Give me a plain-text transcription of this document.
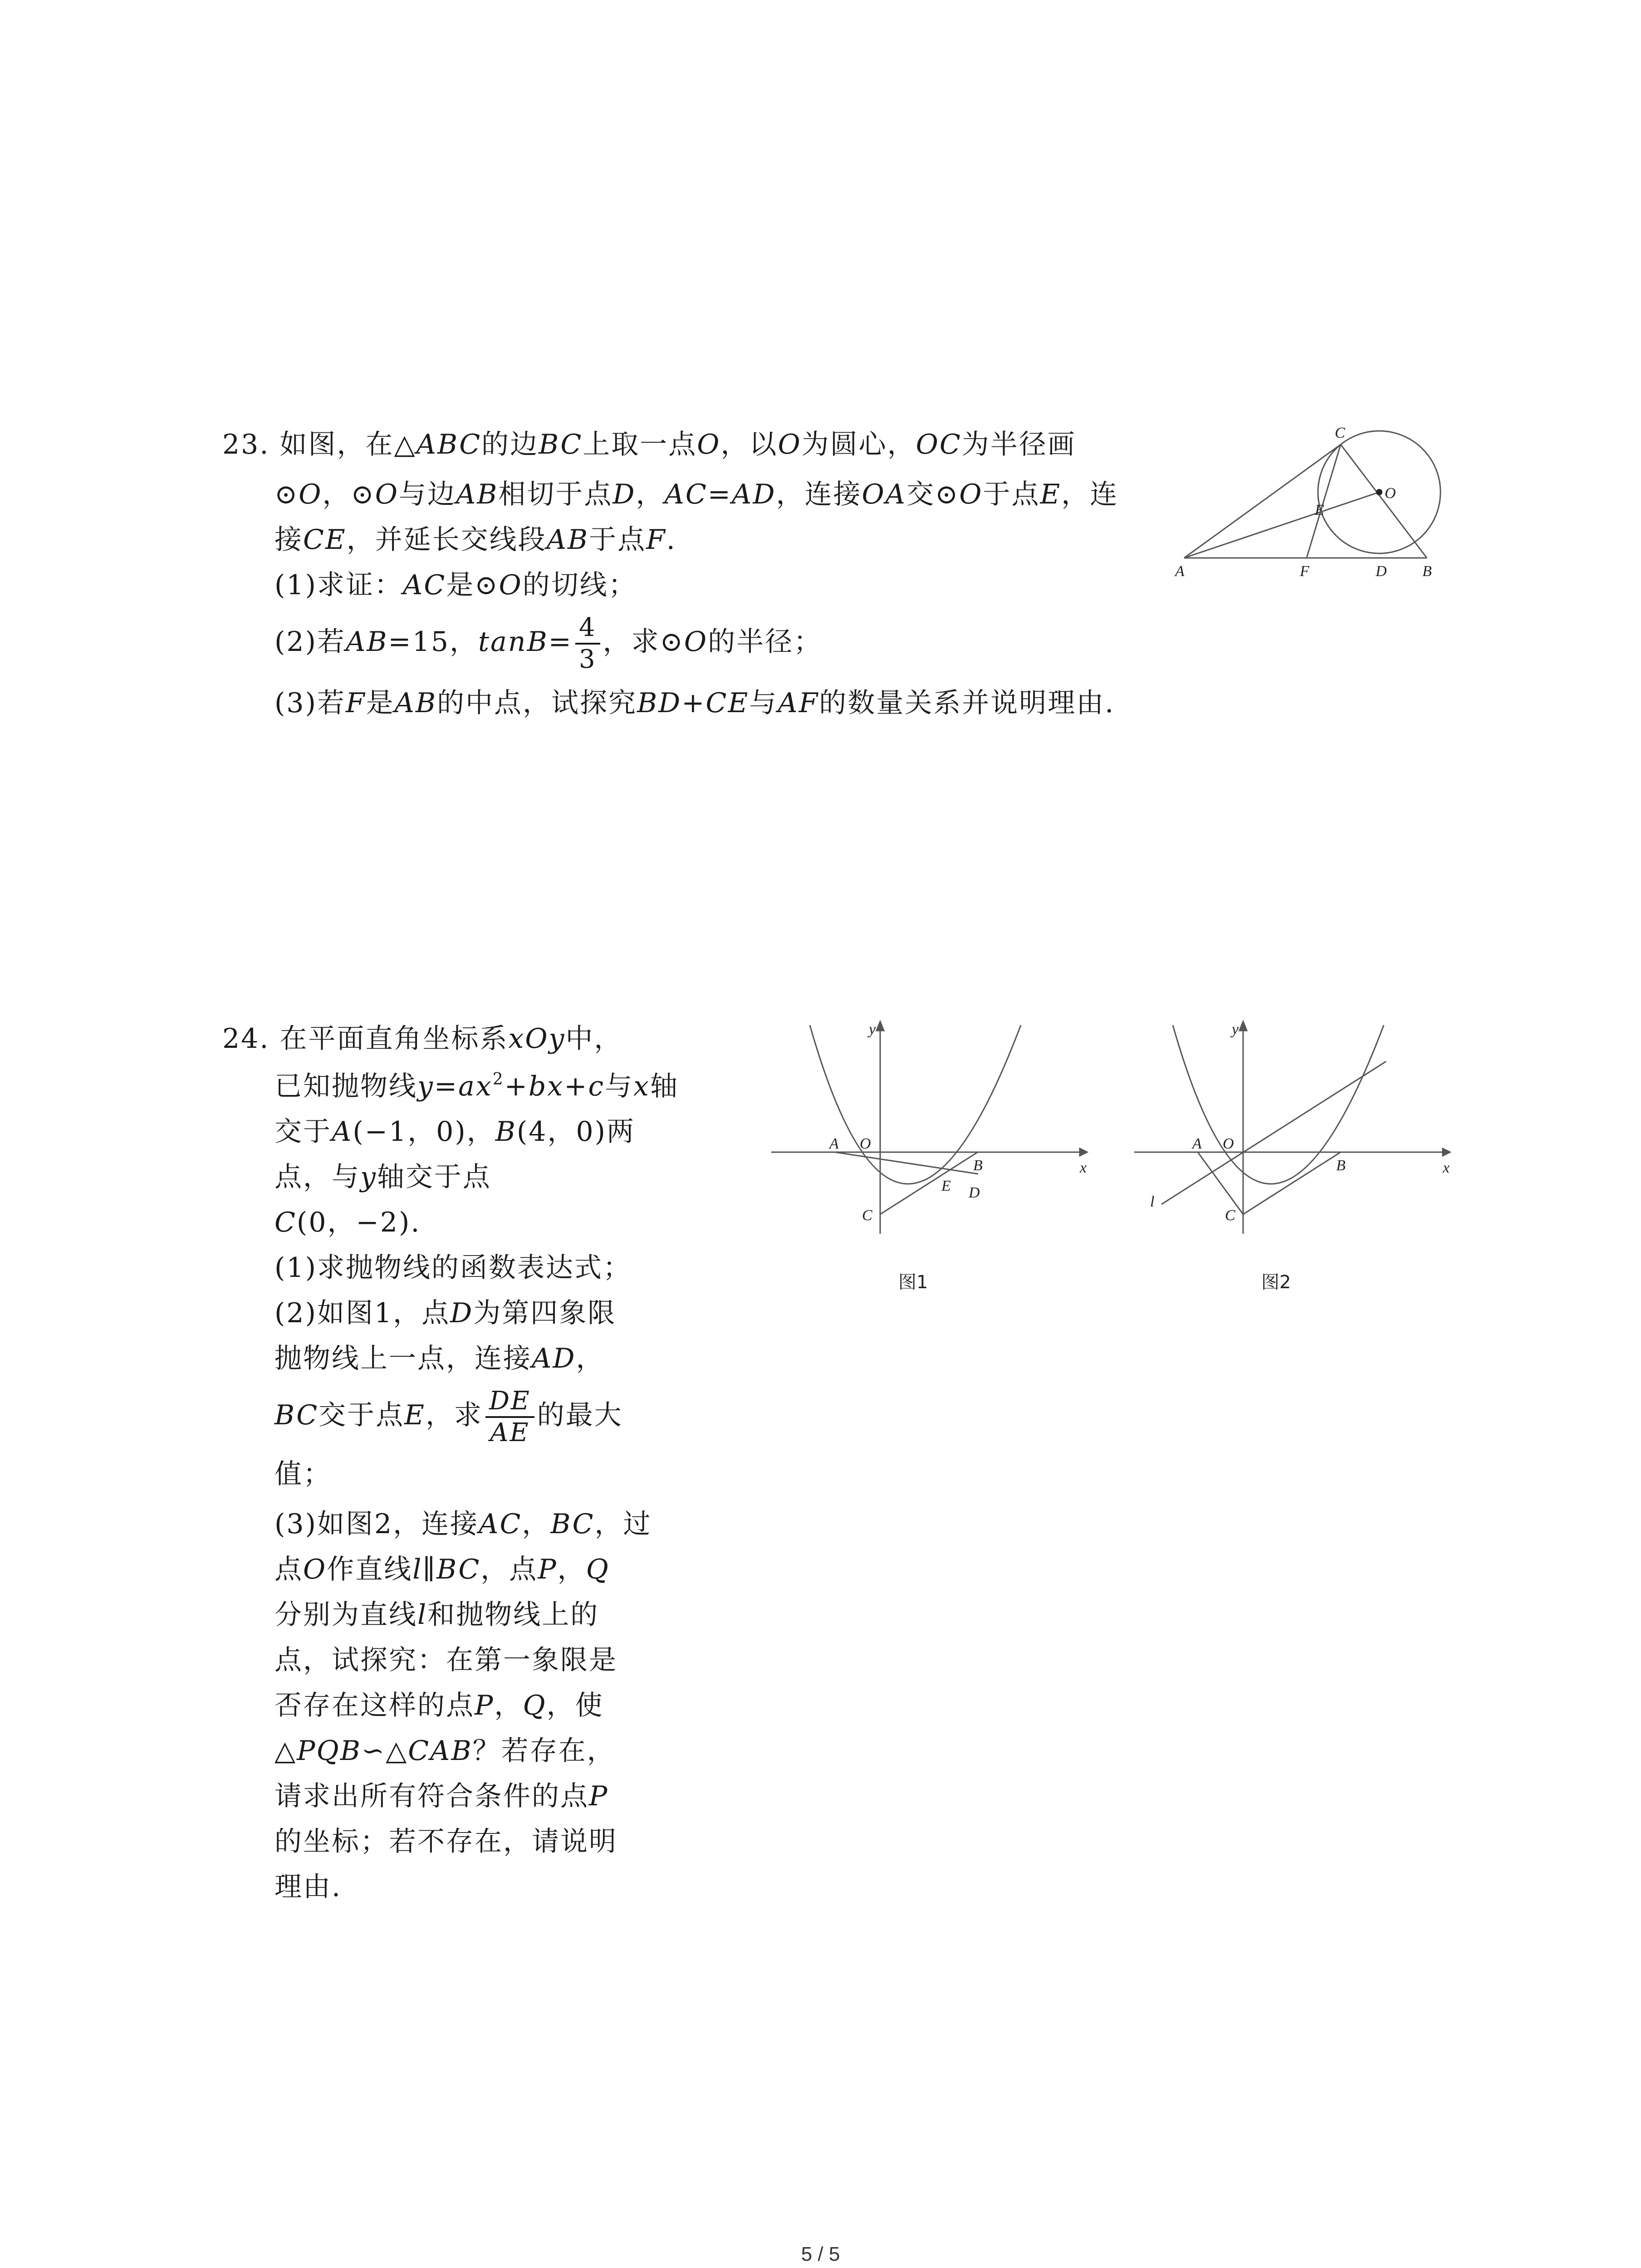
23. 如图，在△ABC的边BC上取一点O，以O为圆心，OC为半径画
⊙O，⊙O与边AB相切于点D，AC=AD，连接OA交⊙O于点E，连
接CE，并延长交线段AB于点F.
(1)求证：AC是⊙O的切线；
(2)若AB=15，$\tan B= \frac{4}{3}$ ，求⊙O的半径；
(3)若F是AB的中点，试探究BD+CE与AF的数量关系并说明理由.
A	F	D B
C
E
O
24. 在平面直角坐标系xOy中，
已知抛物线$y=ax^2+bx+c$与x轴
交于A(−1，0)，B(4，0)两
点，与y轴交于点
C(0，−2).
(1)求抛物线的函数表达式；
(2)如图1，点D为第四象限
抛物线上一点，连接AD，
BC交于点E，求 $\frac{DE}{AE}$ 的最大
值；
(3)如图2，连接AC，BC，过
点O作直线l∥BC，点P，Q
分别为直线l和抛物线上的
点，试探究：在第一象限是
否存在这样的点P，Q，使
△PQB∽△CAB？若存在，
请求出所有符合条件的点P
的坐标；若不存在，请说明
理由.
y
x
A O
B
E D
C
图1
y
x
A O
B
C
l
图2
5 / 5
